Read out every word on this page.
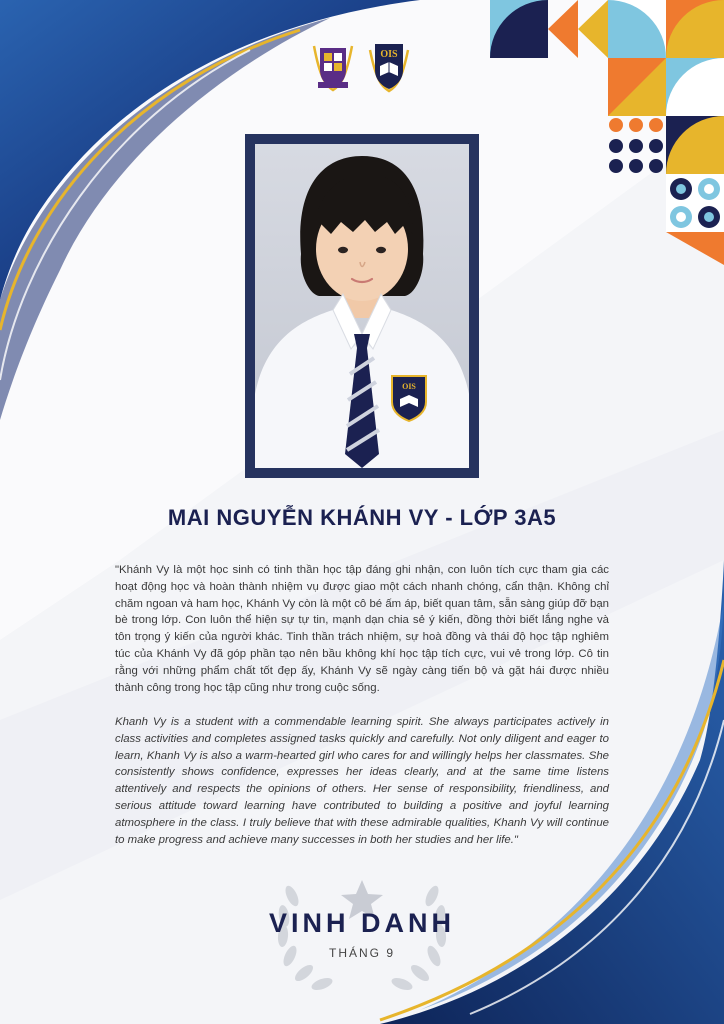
OIS
OIS
MAI NGUYỄN KHÁNH VY - LỚP 3A5

"Khánh Vy là một học sinh có tinh thần học tập đáng ghi nhận, con luôn tích cực tham gia các hoạt động học và hoàn thành nhiệm vụ được giao một cách nhanh chóng, cẩn thận. Không chỉ chăm ngoan và ham học, Khánh Vy còn là một cô bé ấm áp, biết quan tâm, sẵn sàng giúp đỡ bạn bè trong lớp. Con luôn thể hiện sự tự tin, mạnh dạn chia sẻ ý kiến, đồng thời biết lắng nghe và tôn trọng ý kiến của người khác. Tinh thần trách nhiệm, sự hoà đồng và thái độ học tập nghiêm túc của Khánh Vy đã góp phần tạo nên bầu không khí học tập tích cực, vui vẻ trong lớp. Cô tin rằng với những phẩm chất tốt đẹp ấy, Khánh Vy sẽ ngày càng tiến bộ và gặt hái được nhiều thành công trong học tập cũng như trong cuộc sống.

Khanh Vy is a student with a commendable learning spirit. She always participates actively in class activities and completes assigned tasks quickly and carefully. Not only diligent and eager to learn, Khanh Vy is also a warm-hearted girl who cares for and willingly helps her classmates. She consistently shows confidence, expresses her ideas clearly, and at the same time listens attentively and respects the opinions of others. Her sense of responsibility, friendliness, and serious attitude toward learning have contributed to building a positive and joyful learning atmosphere in the class. I truly believe that with these admirable qualities, Khanh Vy will continue to make progress and achieve many successes in both her studies and her life."

VINH DANH

THÁNG 9
